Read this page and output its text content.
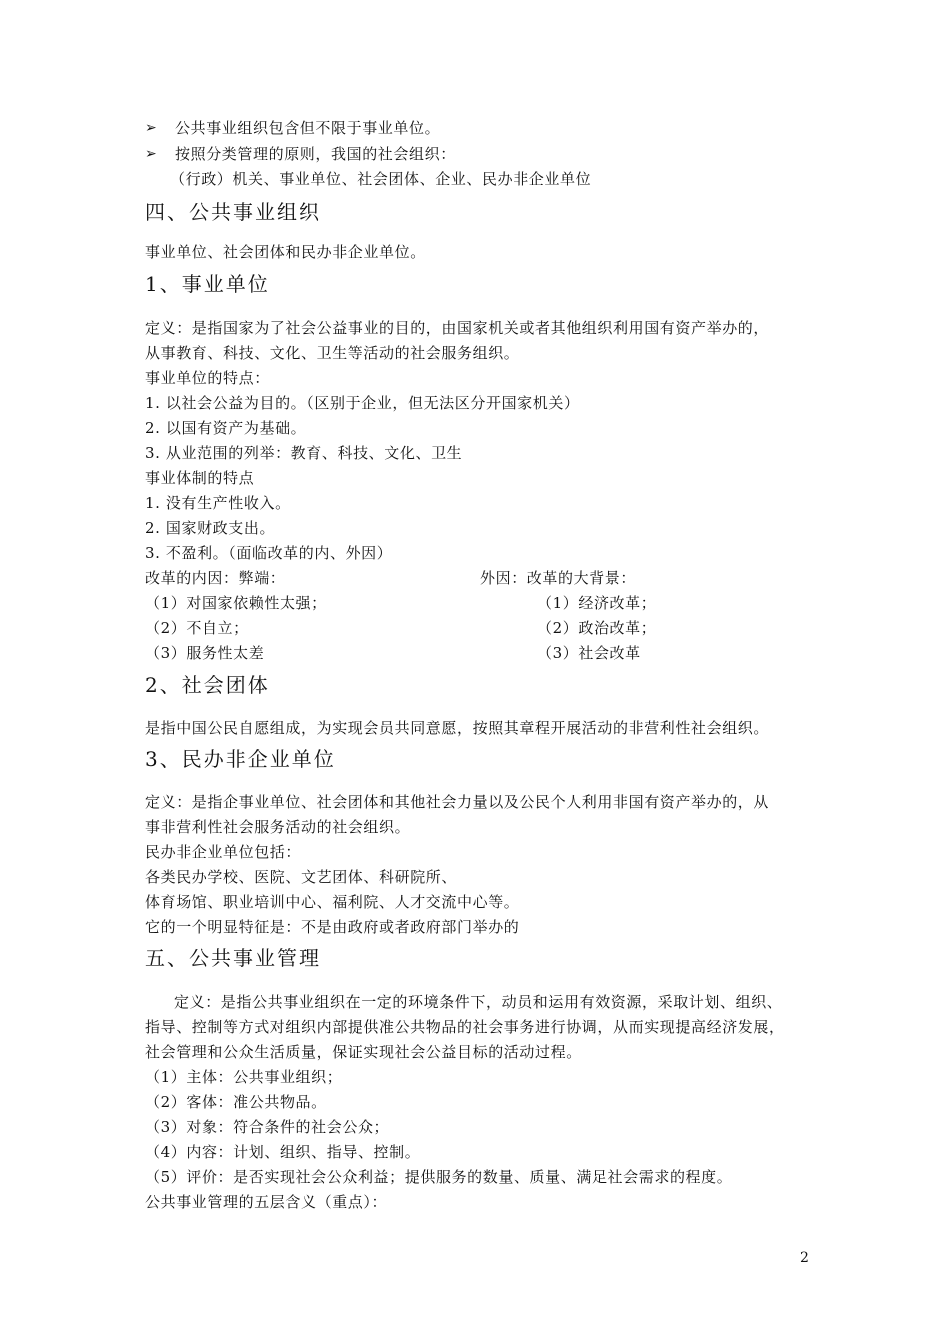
➢ 公共事业组织包含但不限于事业单位。
➢ 按照分类管理的原则，我国的社会组织：
（行政）机关、事业单位、社会团体、企业、民办非企业单位
四、公共事业组织
事业单位、社会团体和民办非企业单位。
1、事业单位
定义：是指国家为了社会公益事业的目的，由国家机关或者其他组织利用国有资产举办的，
从事教育、科技、文化、卫生等活动的社会服务组织。
事业单位的特点：
1. 以社会公益为目的。（区别于企业，但无法区分开国家机关）
2. 以国有资产为基础。
3. 从业范围的列举：教育、科技、文化、卫生
事业体制的特点
1. 没有生产性收入。
2. 国家财政支出。
3. 不盈利。（面临改革的内、外因）
改革的内因：弊端：	外因：改革的大背景：
（1）对国家依赖性太强；	（1）经济改革；
（2）不自立；	（2）政治改革；
（3）服务性太差	（3）社会改革
2、社会团体
是指中国公民自愿组成，为实现会员共同意愿，按照其章程开展活动的非营利性社会组织。
3、民办非企业单位
定义：是指企事业单位、社会团体和其他社会力量以及公民个人利用非国有资产举办的，从
事非营利性社会服务活动的社会组织。
民办非企业单位包括：
各类民办学校、医院、文艺团体、科研院所、
体育场馆、职业培训中心、福利院、人才交流中心等。
它的一个明显特征是：不是由政府或者政府部门举办的
五、公共事业管理
定义：是指公共事业组织在一定的环境条件下，动员和运用有效资源，采取计划、组织、
指导、控制等方式对组织内部提供准公共物品的社会事务进行协调，从而实现提高经济发展，
社会管理和公众生活质量，保证实现社会公益目标的活动过程。
（1）主体：公共事业组织；
（2）客体：准公共物品。
（3）对象：符合条件的社会公众；
（4）内容：计划、组织、指导、控制。
（5）评价：是否实现社会公众利益；提供服务的数量、质量、满足社会需求的程度。
公共事业管理的五层含义（重点）：
2
